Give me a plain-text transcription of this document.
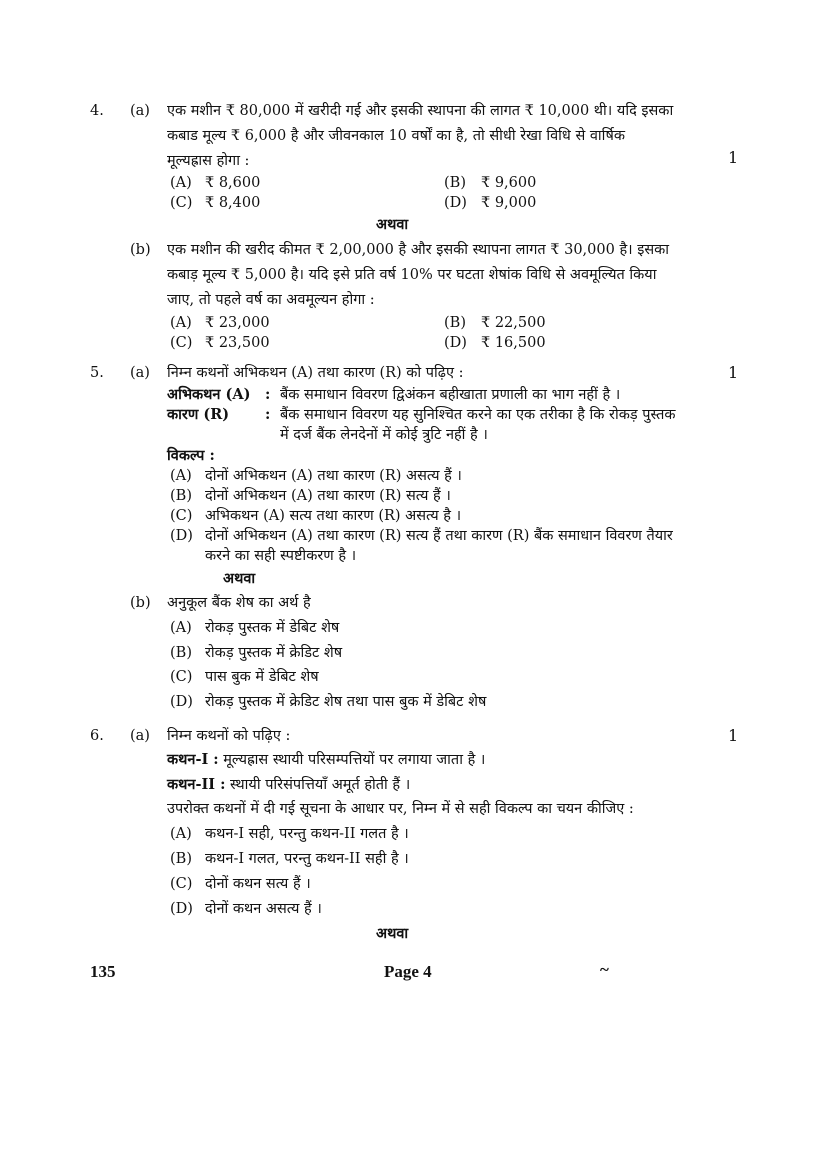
4. (a) एक मशीन ₹ 80,000 में खरीदी गई और इसकी स्थापना की लागत ₹ 10,000 थी। यदि इसका
कबाड मूल्य ₹ 6,000 है और जीवनकाल 10 वर्षों का है, तो सीधी रेखा विधि से वार्षिक
मूल्यह्रास होगा :	1
(A) ₹ 8,600	(B) ₹ 9,600
(C) ₹ 8,400	(D) ₹ 9,000
अथवा
(b) एक मशीन की खरीद कीमत ₹ 2,00,000 है और इसकी स्थापना लागत ₹ 30,000 है। इसका
कबाड़ मूल्य ₹ 5,000 है। यदि इसे प्रति वर्ष 10% पर घटता शेषांक विधि से अवमूल्यित किया
जाए, तो पहले वर्ष का अवमूल्यन होगा :
(A) ₹ 23,000	(B) ₹ 22,500
(C) ₹ 23,500	(D) ₹ 16,500
5. (a) निम्न कथनों अभिकथन (A) तथा कारण (R) को पढ़िए :	1
अभिकथन (A) : बैंक समाधान विवरण द्विअंकन बहीखाता प्रणाली का भाग नहीं है ।
कारण (R) : बैंक समाधान विवरण यह सुनिश्चित करने का एक तरीका है कि रोकड़ पुस्तक
में दर्ज बैंक लेनदेनों में कोई त्रुटि नहीं है ।
विकल्प :
(A) दोनों अभिकथन (A) तथा कारण (R) असत्य हैं ।
(B) दोनों अभिकथन (A) तथा कारण (R) सत्य हैं ।
(C) अभिकथन (A) सत्य तथा कारण (R) असत्य है ।
(D) दोनों अभिकथन (A) तथा कारण (R) सत्य हैं तथा कारण (R) बैंक समाधान विवरण तैयार
करने का सही स्पष्टीकरण है ।
अथवा
(b) अनुकूल बैंक शेष का अर्थ है
(A) रोकड़ पुस्तक में डेबिट शेष
(B) रोकड़ पुस्तक में क्रेडिट शेष
(C) पास बुक में डेबिट शेष
(D) रोकड़ पुस्तक में क्रेडिट शेष तथा पास बुक में डेबिट शेष
6. (a) निम्न कथनों को पढ़िए :	1
कथन-I : मूल्यह्रास स्थायी परिसम्पत्तियों पर लगाया जाता है ।
कथन-II : स्थायी परिसंपत्तियाँ अमूर्त होती हैं ।
उपरोक्त कथनों में दी गई सूचना के आधार पर, निम्न में से सही विकल्प का चयन कीजिए :
(A) कथन-I सही, परन्तु कथन-II गलत है ।
(B) कथन-I गलत, परन्तु कथन-II सही है ।
(C) दोनों कथन सत्य हैं ।
(D) दोनों कथन असत्य हैं ।
अथवा
135	Page 4	~
